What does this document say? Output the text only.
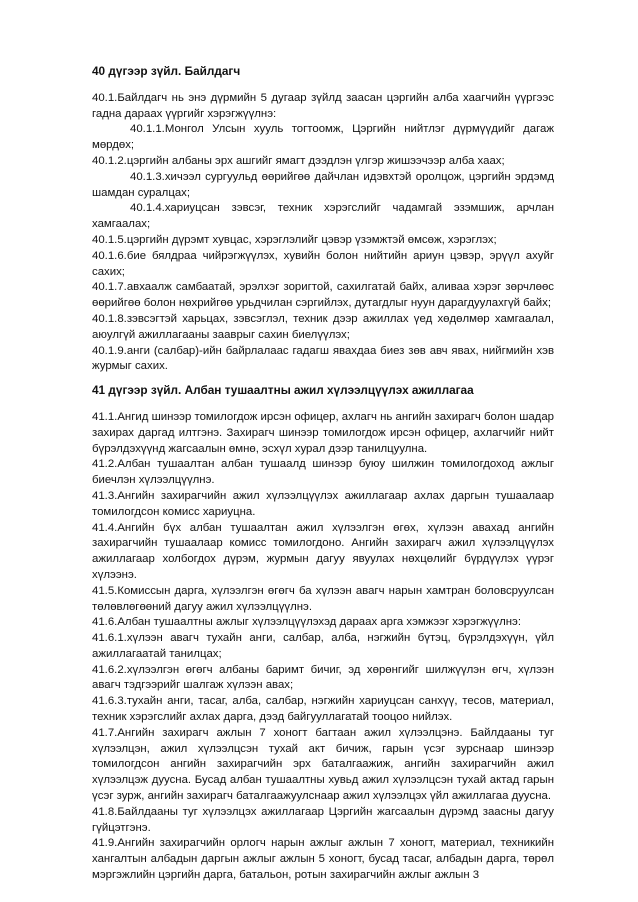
40 дүгээр зүйл. Байлдагч

40.1.Байлдагч нь энэ дүрмийн 5 дугаар зүйлд заасан цэргийн алба хаагчийн үүргээс гадна дараах үүргийг хэрэгжүүлнэ:

40.1.1.Монгол Улсын хууль тогтоомж, Цэргийн нийтлэг дүрмүүдийг дагаж мөрдөх;

40.1.2.цэргийн албаны эрх ашгийг ямагт дээдлэн үлгэр жишээчээр алба хаах;

40.1.3.хичээл сургуульд өөрийгөө дайчлан идэвхтэй оролцож, цэргийн эрдэмд шамдан суралцах;

40.1.4.хариуцсан зэвсэг, техник хэрэгслийг чадамгай эзэмшиж, арчлан хамгаалах;

40.1.5.цэргийн дүрэмт хувцас, хэрэглэлийг цэвэр үзэмжтэй өмсөж, хэрэглэх;

40.1.6.бие бялдраа чийрэгжүүлэх, хувийн болон нийтийн ариун цэвэр, эрүүл ахуйг сахих;

40.1.7.авхаалж самбаатай, эрэлхэг зоригтой, сахилгатай байх, аливаа хэрэг зөрчлөөс өөрийгөө болон нөхрийгөө урьдчилан сэргийлэх, дутагдлыг нуун дарагдуулахгүй байх;

40.1.8.зэвсэгтэй харьцах, зэвсэглэл, техник дээр ажиллах үед хөдөлмөр хамгаалал, аюулгүй ажиллагааны зааврыг сахин биелүүлэх;

40.1.9.анги (салбар)-ийн байрлалаас гадагш явахдаа биез зөв авч явах, нийгмийн хэв журмыг сахих.

41 дүгээр зүйл. Албан тушаалтны ажил хүлээлцүүлэх ажиллагаа

41.1.Ангид шинээр томилогдож ирсэн офицер, ахлагч нь ангийн захирагч болон шадар захирах даргад илтгэнэ. Захирагч шинээр томилогдож ирсэн офицер, ахлагчийг нийт бүрэлдэхүүнд жагсаалын өмнө, эсхүл хурал дээр танилцуулна.

41.2.Албан тушаалтан албан тушаалд шинээр буюу шилжин томилогдоход ажлыг биечлэн хүлээлцүүлнэ.

41.3.Ангийн захирагчийн ажил хүлээлцүүлэх ажиллагаар ахлах даргын тушаалаар томилогдсон комисс хариуцна.

41.4.Ангийн бүх албан тушаалтан ажил хүлээлгэн өгөх, хүлээн авахад ангийн захирагчийн тушаалаар комисс томилогдоно. Ангийн захирагч ажил хүлээлцүүлэх ажиллагаар холбогдох дүрэм, журмын дагуу явуулах нөхцөлийг бүрдүүлэх үүрэг хүлээнэ.

41.5.Комиссын дарга, хүлээлгэн өгөгч ба хүлээн авагч нарын хамтран боловсруулсан төлөвлөгөөний дагуу ажил хүлээлцүүлнэ.

41.6.Албан тушаалтны ажлыг хүлээлцүүлэхэд дараах арга хэмжээг хэрэгжүүлнэ:

41.6.1.хүлээн авагч тухайн анги, салбар, алба, нэгжийн бүтэц, бүрэлдэхүүн, үйл ажиллагаатай танилцах;

41.6.2.хүлээлгэн өгөгч албаны баримт бичиг, эд хөрөнгийг шилжүүлэн өгч, хүлээн авагч тэдгээрийг шалгаж хүлээн авах;

41.6.3.тухайн анги, тасаг, алба, салбар, нэгжийн хариуцсан санхүү, тесов, материал, техник хэрэгслийг ахлах дарга, дээд байгууллагатай тооцоо нийлэх.

41.7.Ангийн захирагч ажлын 7 хоногт багтаан ажил хүлээлцэнэ. Байлдааны туг хүлээлцэн, ажил хүлээлцсэн тухай акт бичиж, гарын үсэг зурснаар шинээр томилогдсон ангийн захирагчийн эрх баталгаажиж, ангийн захирагчийн ажил хүлээлцэж дууснa. Бусад албан тушаалтны хувьд ажил хүлээлцсэн тухай актад гарын үсэг зурж, ангийн захирагч баталгаажуулснаар ажил хүлээлцэх үйл ажиллагаа дууснa.

41.8.Байлдааны туг хүлээлцэх ажиллагаар Цэргийн жагсаалын дүрэмд заасны дагуу гүйцэтгэнэ.

41.9.Ангийн захирагчийн орлогч нарын ажлыг ажлын 7 хоногт, материал, техникийн хангалтын албадын даргын ажлыг ажлын 5 хоногт, бусад тасаг, албадын дарга, төрөл мэргэжлийн цэргийн дарга, батальон, ротын захирагчийн ажлыг ажлын 3
